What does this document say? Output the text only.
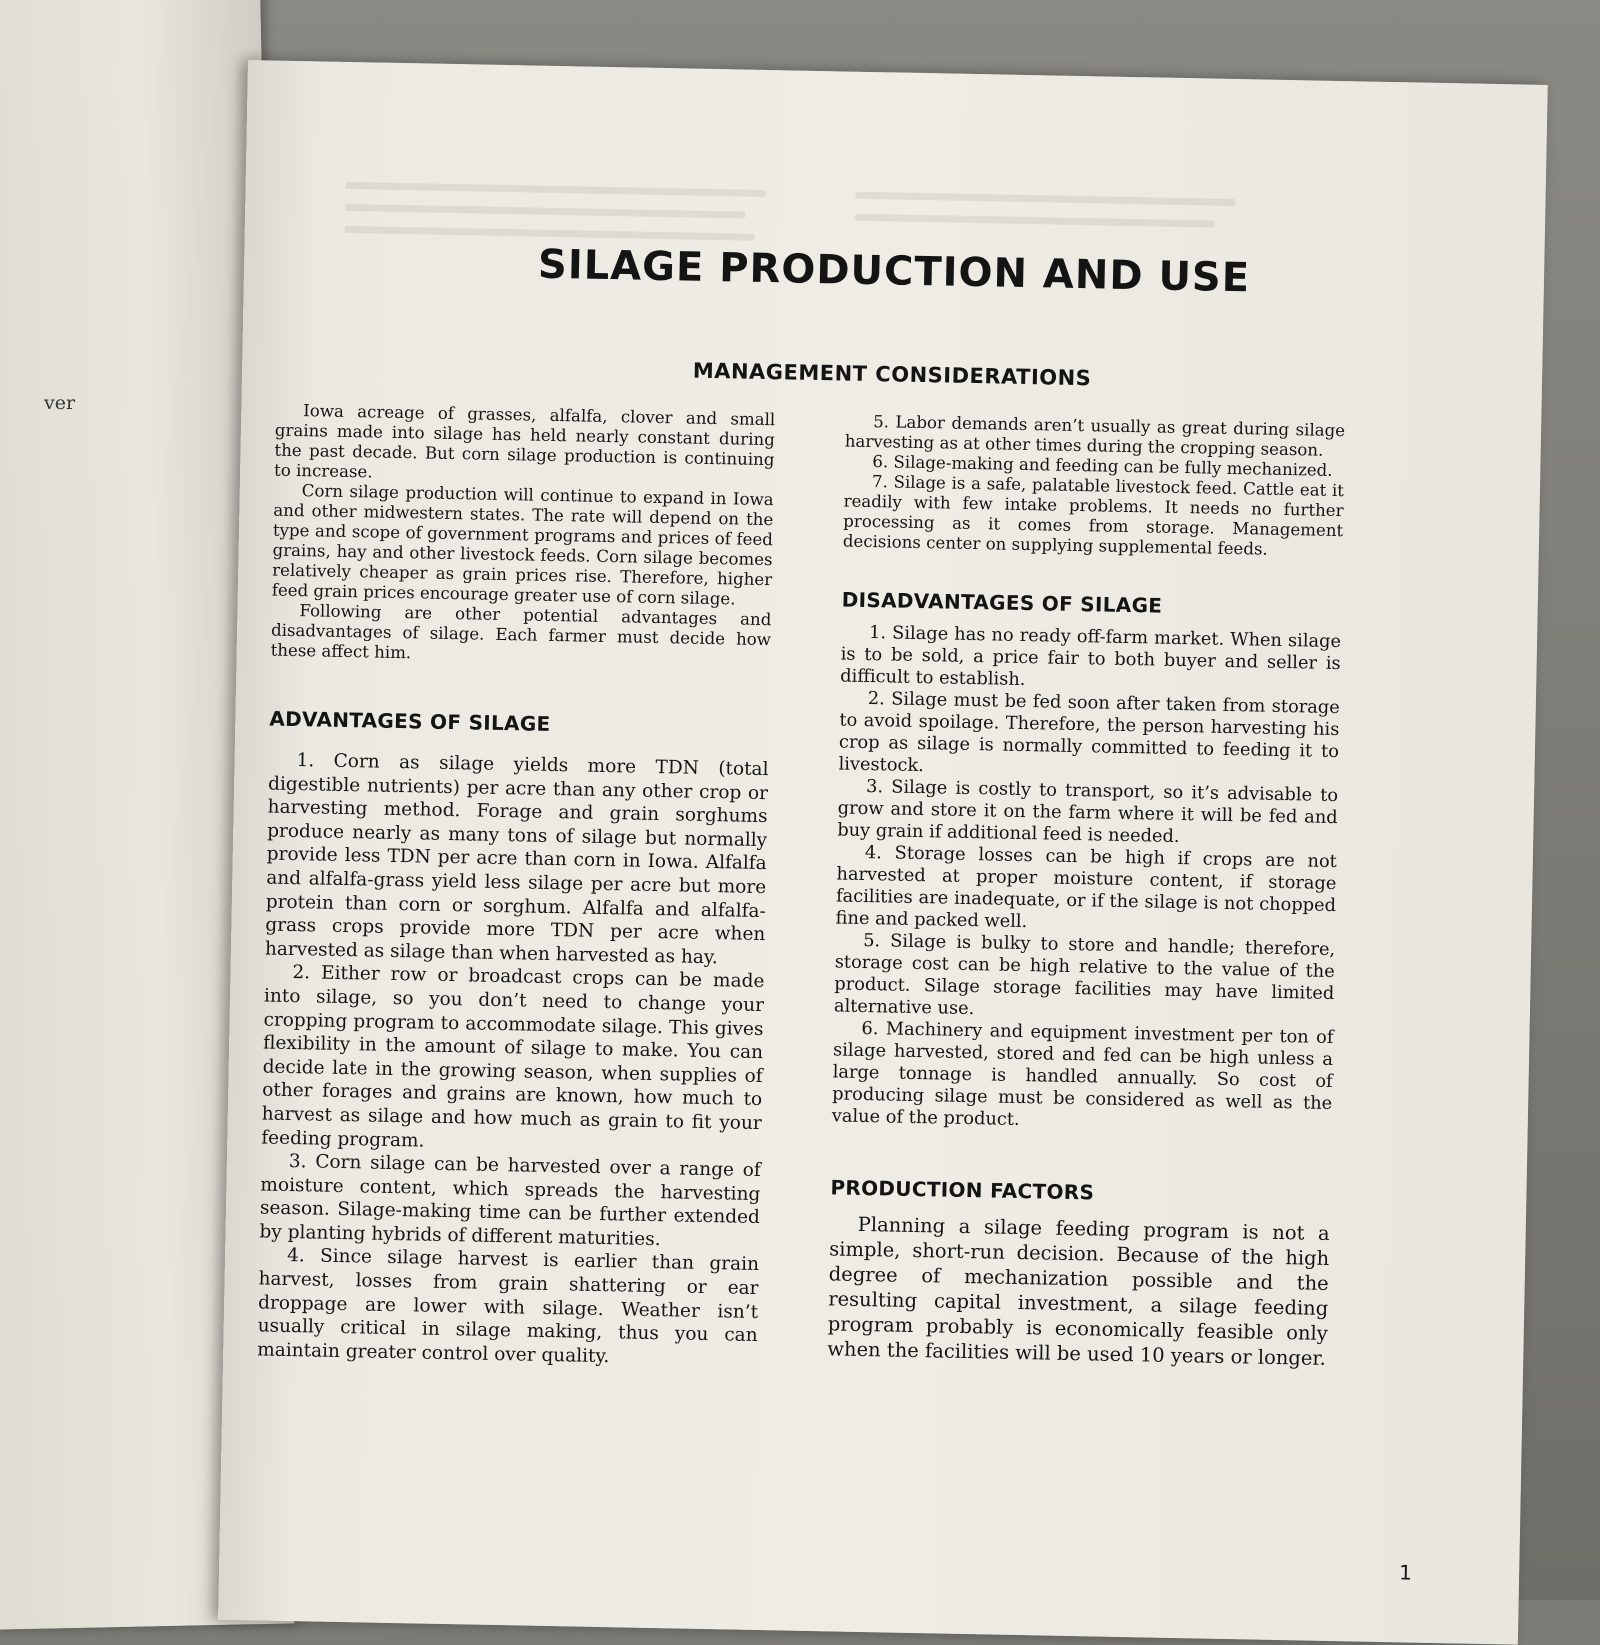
ver
SILAGE PRODUCTION AND USE
MANAGEMENT CONSIDERATIONS

Iowa acreage of grasses, alfalfa, clover and small grains made into silage has held nearly constant during the past decade. But corn silage production is continuing to increase.

Corn silage production will continue to expand in Iowa and other midwestern states. The rate will depend on the type and scope of government programs and prices of feed grains, hay and other livestock feeds. Corn silage becomes relatively cheaper as grain prices rise. Therefore, higher feed grain prices encourage greater use of corn silage.

Following are other potential advantages and disadvantages of silage. Each farmer must decide how these affect him.

ADVANTAGES OF SILAGE

1. Corn as silage yields more TDN (total digestible nutrients) per acre than any other crop or harvesting method. Forage and grain sorghums produce nearly as many tons of silage but normally provide less TDN per acre than corn in Iowa. Alfalfa and alfalfa-grass yield less silage per acre but more protein than corn or sorghum. Alfalfa and alfalfa-grass crops provide more TDN per acre when harvested as silage than when harvested as hay.

2. Either row or broadcast crops can be made into silage, so you don’t need to change your cropping program to accommodate silage. This gives flexibility in the amount of silage to make. You can decide late in the growing season, when supplies of other forages and grains are known, how much to harvest as silage and how much as grain to fit your feeding program.

3. Corn silage can be harvested over a range of moisture content, which spreads the harvesting season. Silage-making time can be further extended by planting hybrids of different maturities.

4. Since silage harvest is earlier than grain harvest, losses from grain shattering or ear droppage are lower with silage. Weather isn’t usually critical in silage making, thus you can maintain greater control over quality.

5. Labor demands aren’t usually as great during silage harvesting as at other times during the cropping season.

6. Silage-making and feeding can be fully mechanized.

7. Silage is a safe, palatable livestock feed. Cattle eat it readily with few intake problems. It needs no further processing as it comes from storage. Management decisions center on supplying supplemental feeds.

DISADVANTAGES OF SILAGE

1. Silage has no ready off-farm market. When silage is to be sold, a price fair to both buyer and seller is difficult to establish.

2. Silage must be fed soon after taken from storage to avoid spoilage. Therefore, the person harvesting his crop as silage is normally committed to feeding it to livestock.

3. Silage is costly to transport, so it’s advisable to grow and store it on the farm where it will be fed and buy grain if additional feed is needed.

4. Storage losses can be high if crops are not harvested at proper moisture content, if storage facilities are inadequate, or if the silage is not chopped fine and packed well.

5. Silage is bulky to store and handle; therefore, storage cost can be high relative to the value of the product. Silage storage facilities may have limited alternative use.

6. Machinery and equipment investment per ton of silage harvested, stored and fed can be high unless a large tonnage is handled annually. So cost of producing silage must be considered as well as the value of the product.

PRODUCTION FACTORS

Planning a silage feeding program is not a simple, short-run decision. Because of the high degree of mechanization possible and the resulting capital investment, a silage feeding program probably is economically feasible only when the facilities will be used 10 years or longer.

1
